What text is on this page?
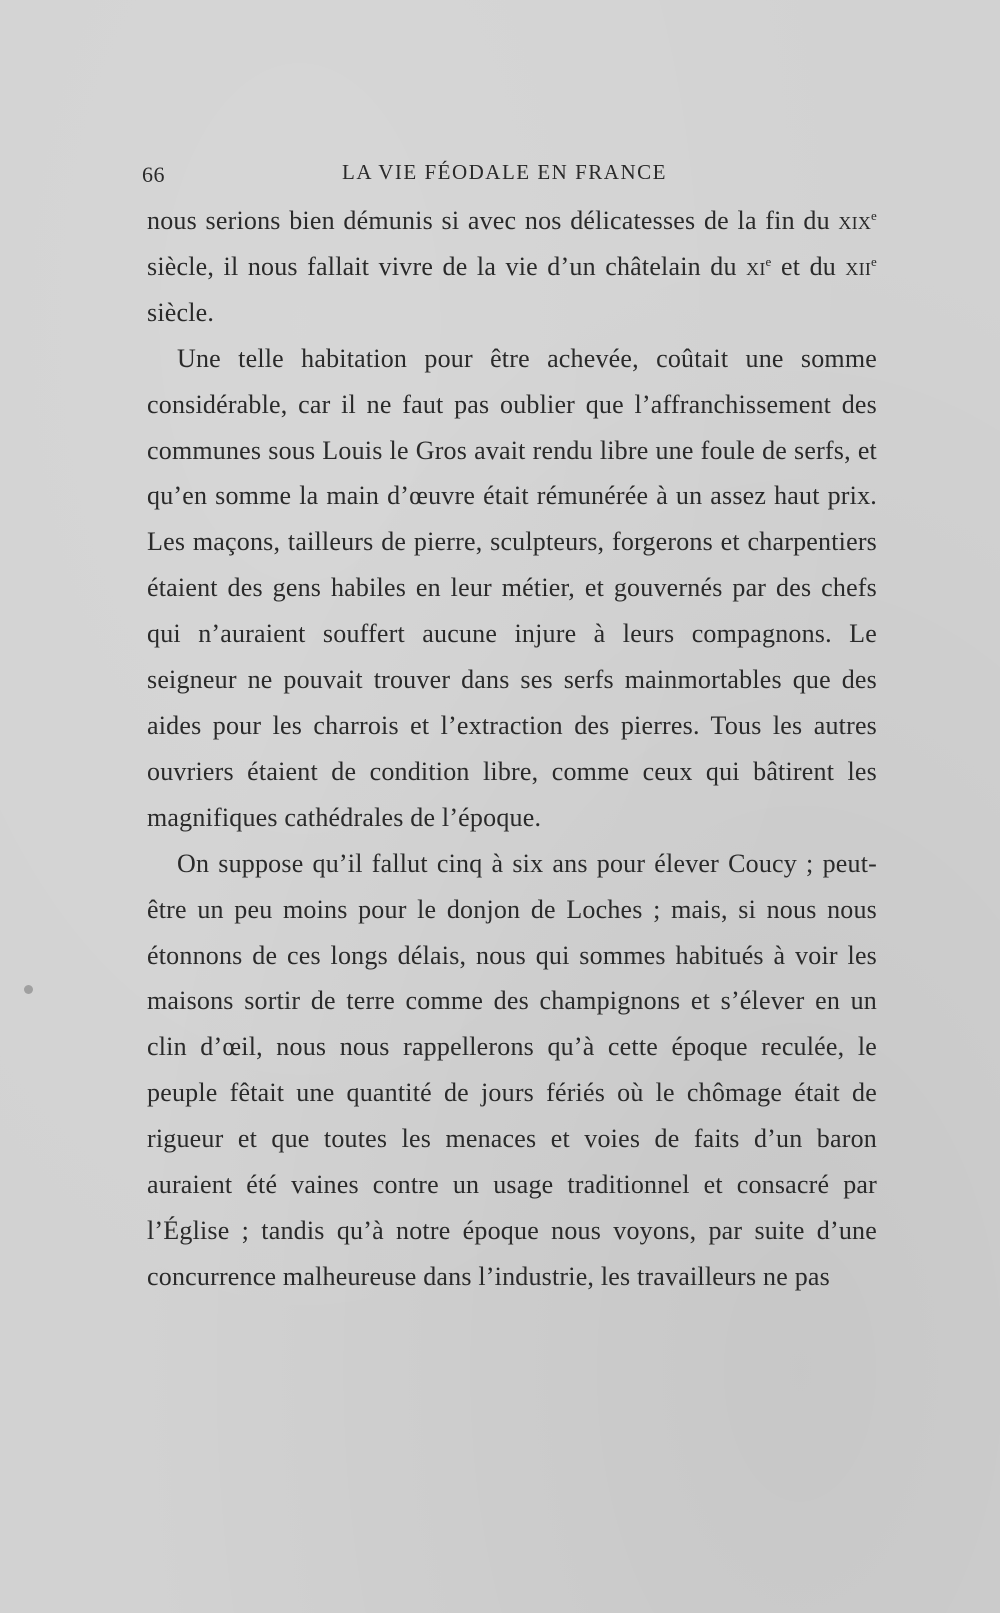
66	LA VIE FÉODALE EN FRANCE

nous serions bien démunis si avec nos délicatesses de la fin du xix$^e$ siècle, il nous fallait vivre de la vie d’un châtelain du $xi^e$ et du xii$^e$ siècle.

Une telle habitation pour être achevée, coûtait une somme considérable, car il ne faut pas oublier que l’affranchissement des communes sous Louis le Gros avait rendu libre une foule de serfs, et qu’en somme la main d’œuvre était rémunérée à un assez haut prix. Les maçons, tailleurs de pierre, sculpteurs, forgerons et charpentiers étaient des gens habiles en leur métier, et gouvernés par des chefs qui n’auraient souffert aucune injure à leurs compagnons. Le seigneur ne pouvait trouver dans ses serfs mainmortables que des aides pour les charrois et l’extraction des pierres. Tous les autres ouvriers étaient de condition libre, comme ceux qui bâtirent les magnifiques cathédrales de l’époque.

On suppose qu’il fallut cinq à six ans pour élever Coucy ; peut-être un peu moins pour le donjon de Loches ; mais, si nous nous étonnons de ces longs délais, nous qui sommes habitués à voir les maisons sortir de terre comme des champignons et s’élever en un clin d’œil, nous nous rappellerons qu’à cette époque reculée, le peuple fêtait une quantité de jours fériés où le chômage était de rigueur et que toutes les menaces et voies de faits d’un baron auraient été vaines contre un usage traditionnel et consacré par l’Église ; tandis qu’à notre époque nous voyons, par suite d’une concurrence malheureuse dans l’industrie, les travailleurs ne pas
